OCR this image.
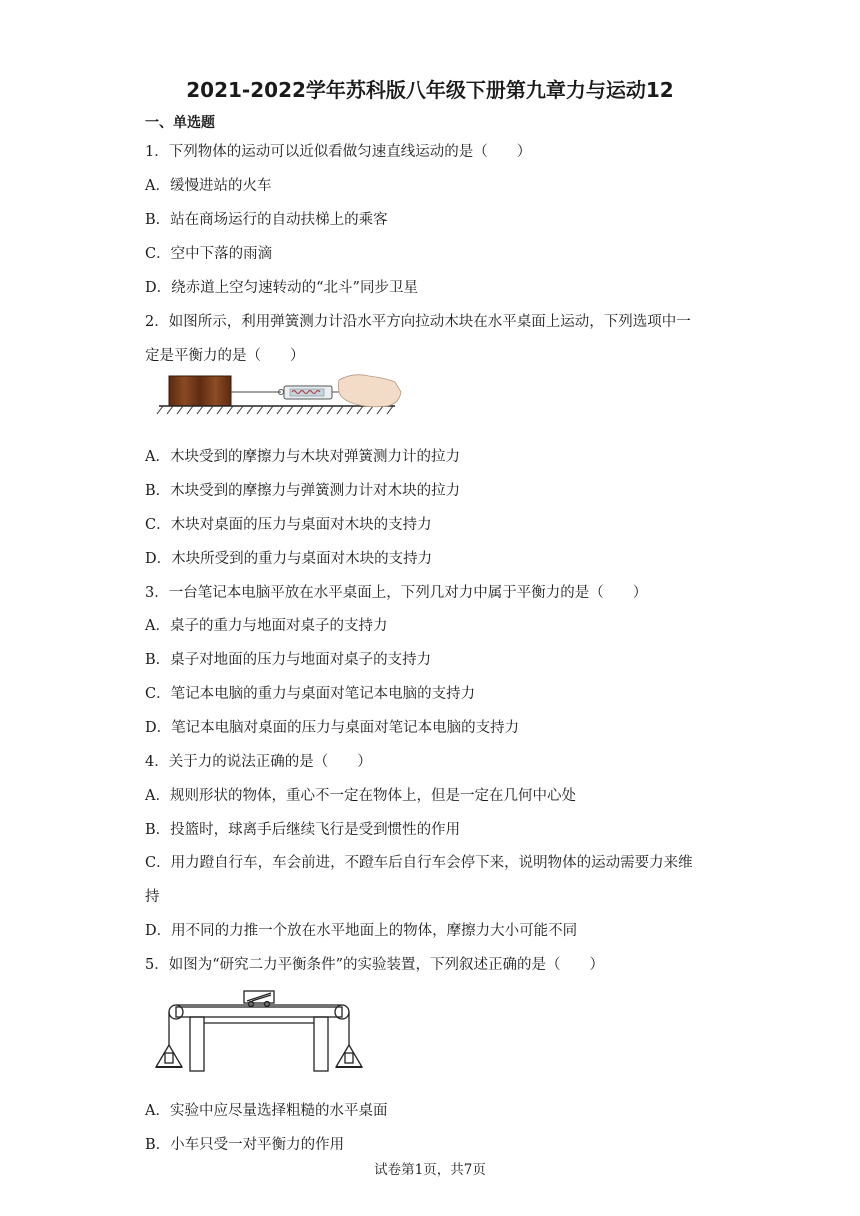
2021-2022学年苏科版八年级下册第九章力与运动12
一、单选题
1．下列物体的运动可以近似看做匀速直线运动的是（　　）
A．缓慢进站的火车
B．站在商场运行的自动扶梯上的乘客
C．空中下落的雨滴
D．绕赤道上空匀速转动的“北斗”同步卫星
2．如图所示，利用弹簧测力计沿水平方向拉动木块在水平桌面上运动，下列选项中一
定是平衡力的是（　　）
A．木块受到的摩擦力与木块对弹簧测力计的拉力
B．木块受到的摩擦力与弹簧测力计对木块的拉力
C．木块对桌面的压力与桌面对木块的支持力
D．木块所受到的重力与桌面对木块的支持力
3．一台笔记本电脑平放在水平桌面上，下列几对力中属于平衡力的是（　　）
A．桌子的重力与地面对桌子的支持力
B．桌子对地面的压力与地面对桌子的支持力
C．笔记本电脑的重力与桌面对笔记本电脑的支持力
D．笔记本电脑对桌面的压力与桌面对笔记本电脑的支持力
4．关于力的说法正确的是（　　）
A．规则形状的物体，重心不一定在物体上，但是一定在几何中心处
B．投篮时，球离手后继续飞行是受到惯性的作用
C．用力蹬自行车，车会前进，不蹬车后自行车会停下来，说明物体的运动需要力来维
持
D．用不同的力推一个放在水平地面上的物体，摩擦力大小可能不同
5．如图为“研究二力平衡条件”的实验装置，下列叙述正确的是（　　）
A．实验中应尽量选择粗糙的水平桌面
B．小车只受一对平衡力的作用
试卷第1页，共7页
